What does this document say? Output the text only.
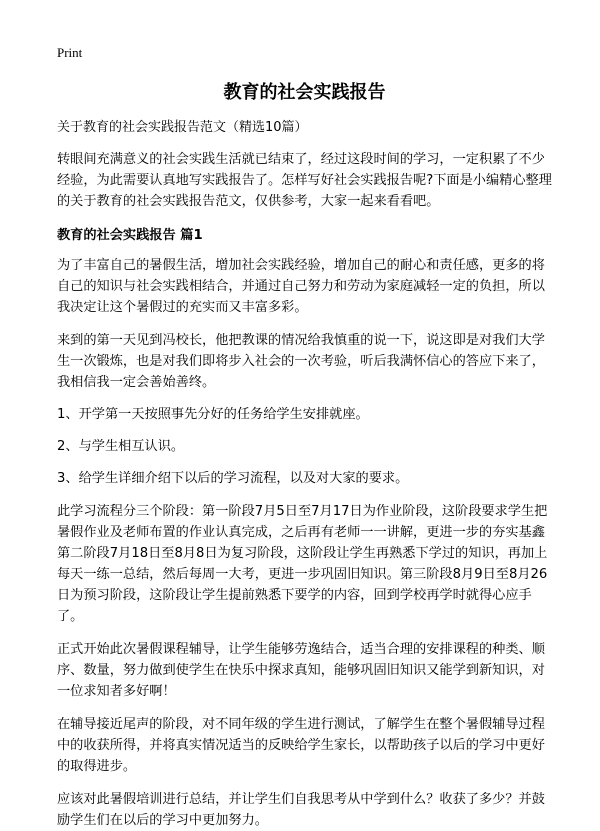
Print
教育的社会实践报告
关于教育的社会实践报告范文（精选10篇）

转眼间充满意义的社会实践生活就已结束了，经过这段时间的学习，一定积累了不少经验，为此需要认真地写实践报告了。怎样写好社会实践报告呢?下面是小编精心整理的关于教育的社会实践报告范文，仅供参考，大家一起来看看吧。

教育的社会实践报告 篇1

为了丰富自己的暑假生活，增加社会实践经验，增加自己的耐心和责任感，更多的将自己的知识与社会实践相结合，并通过自己努力和劳动为家庭减轻一定的负担，所以我决定让这个暑假过的充实而又丰富多彩。

来到的第一天见到冯校长，他把教课的情况给我慎重的说一下，说这即是对我们大学生一次锻炼，也是对我们即将步入社会的一次考验，听后我满怀信心的答应下来了，我相信我一定会善始善终。

1、开学第一天按照事先分好的任务给学生安排就座。
2、与学生相互认识。
3、给学生详细介绍下以后的学习流程，以及对大家的要求。

此学习流程分三个阶段：第一阶段7月5日至7月17日为作业阶段，这阶段要求学生把暑假作业及老师布置的作业认真完成，之后再有老师一一讲解，更进一步的夯实基鑫第二阶段7月18日至8月8日为复习阶段，这阶段让学生再熟悉下学过的知识，再加上每天一练一总结，然后每周一大考，更进一步巩固旧知识。第三阶段8月9日至8月26日为预习阶段，这阶段让学生提前熟悉下要学的内容，回到学校再学时就得心应手了。

正式开始此次暑假课程辅导，让学生能够劳逸结合，适当合理的安排课程的种类、顺序、数量，努力做到使学生在快乐中探求真知，能够巩固旧知识又能学到新知识，对一位求知者多好啊！

在辅导接近尾声的阶段，对不同年级的学生进行测试，了解学生在整个暑假辅导过程中的收获所得，并将真实情况适当的反映给学生家长，以帮助孩子以后的学习中更好的取得进步。

应该对此暑假培训进行总结，并让学生们自我思考从中学到什么？收获了多少？并鼓励学生们在以后的学习中更加努力。
